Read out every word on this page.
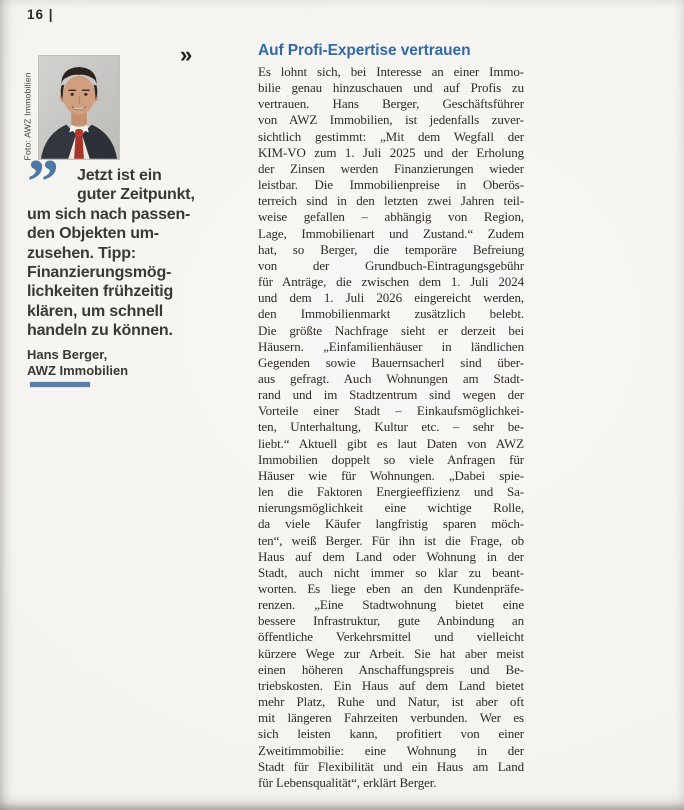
16 |
Foto: AWZ Immobilien
»
”	Jetzt ist ein
guter Zeitpunkt,
um sich nach passen-
den Objekten um-
zusehen. Tipp:
Finanzierungsmög-
lichkeiten frühzeitig
klären, um schnell
handeln zu können.
Hans Berger,
AWZ Immobilien
Auf Profi-Expertise vertrauen
Es lohnt sich, bei Interesse an einer Immo-
bilie genau hinzuschauen und auf Profis zu
vertrauen. Hans Berger, Geschäftsführer
von AWZ Immobilien, ist jedenfalls zuver-
sichtlich gestimmt: „Mit dem Wegfall der
KIM-VO zum 1. Juli 2025 und der Erholung
der Zinsen werden Finanzierungen wieder
leistbar. Die Immobilienpreise in Oberös-
terreich sind in den letzten zwei Jahren teil-
weise gefallen – abhängig von Region,
Lage, Immobilienart und Zustand.“ Zudem
hat, so Berger, die temporäre Befreiung
von der Grundbuch-Eintragungsgebühr
für Anträge, die zwischen dem 1. Juli 2024
und dem 1. Juli 2026 eingereicht werden,
den Immobilienmarkt zusätzlich belebt.
Die größte Nachfrage sieht er derzeit bei
Häusern. „Einfamilienhäuser in ländlichen
Gegenden sowie Bauernsacherl sind über-
aus gefragt. Auch Wohnungen am Stadt-
rand und im Stadtzentrum sind wegen der
Vorteile einer Stadt – Einkaufsmöglichkei-
ten, Unterhaltung, Kultur etc. – sehr be-
liebt.“ Aktuell gibt es laut Daten von AWZ
Immobilien doppelt so viele Anfragen für
Häuser wie für Wohnungen. „Dabei spie-
len die Faktoren Energieeffizienz und Sa-
nierungsmöglichkeit eine wichtige Rolle,
da viele Käufer langfristig sparen möch-
ten“, weiß Berger. Für ihn ist die Frage, ob
Haus auf dem Land oder Wohnung in der
Stadt, auch nicht immer so klar zu beant-
worten. Es liege eben an den Kundenpräfe-
renzen. „Eine Stadtwohnung bietet eine
bessere Infrastruktur, gute Anbindung an
öffentliche Verkehrsmittel und vielleicht
kürzere Wege zur Arbeit. Sie hat aber meist
einen höheren Anschaffungspreis und Be-
triebskosten. Ein Haus auf dem Land bietet
mehr Platz, Ruhe und Natur, ist aber oft
mit längeren Fahrzeiten verbunden. Wer es
sich leisten kann, profitiert von einer
Zweitimmobilie: eine Wohnung in der
Stadt für Flexibilität und ein Haus am Land
für Lebensqualität“, erklärt Berger.
